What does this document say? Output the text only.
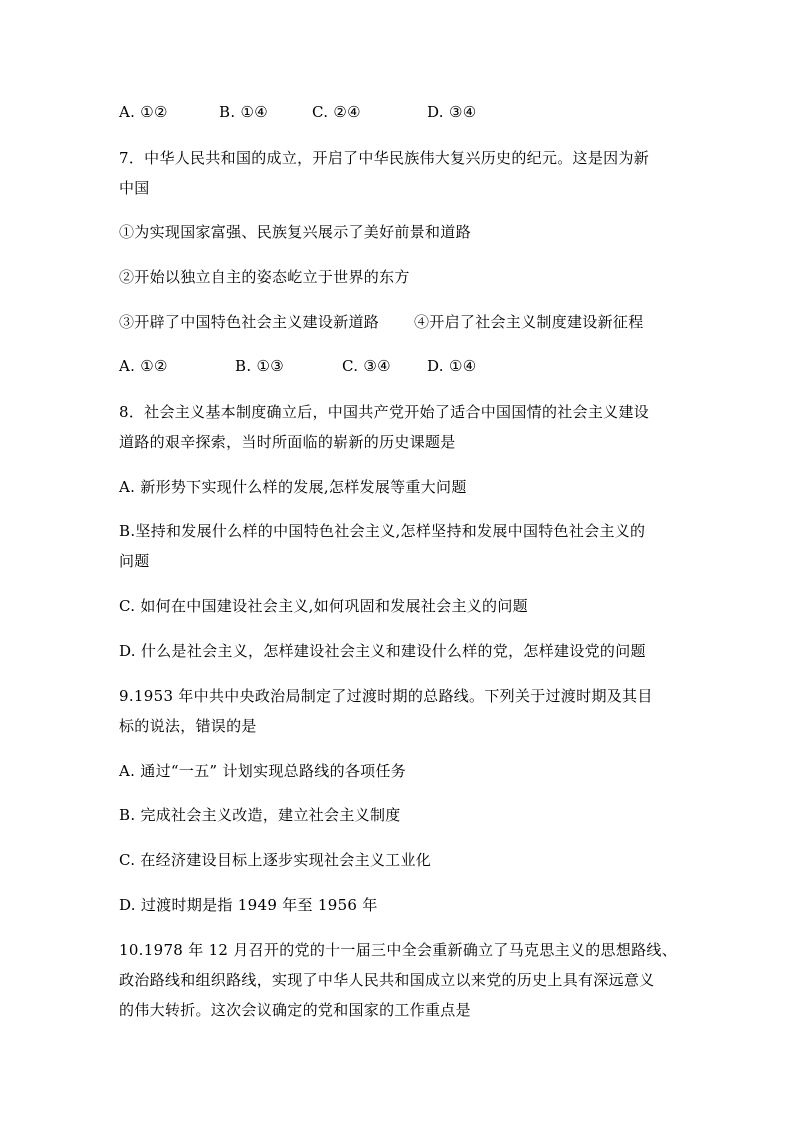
A. ①②	B. ①④	C. ②④	D. ③④
7．中华人民共和国的成立，开启了中华民族伟大复兴历史的纪元。这是因为新
中国
①为实现国家富强、民族复兴展示了美好前景和道路
②开始以独立自主的姿态屹立于世界的东方
③开辟了中国特色社会主义建设新道路 ④开启了社会主义制度建设新征程
A. ①②	B. ①③	C. ③④ D. ①④
8．社会主义基本制度确立后，中国共产党开始了适合中国国情的社会主义建设
道路的艰辛探索，当时所面临的崭新的历史课题是
A. 新形势下实现什么样的发展,怎样发展等重大问题
B.坚持和发展什么样的中国特色社会主义,怎样坚持和发展中国特色社会主义的
问题
C. 如何在中国建设社会主义,如何巩固和发展社会主义的问题
D. 什么是社会主义，怎样建设社会主义和建设什么样的党，怎样建设党的问题
9.1953 年中共中央政治局制定了过渡时期的总路线。下列关于过渡时期及其目
标的说法，错误的是
A. 通过“一五” 计划实现总路线的各项任务
B. 完成社会主义改造，建立社会主义制度
C. 在经济建设目标上逐步实现社会主义工业化
D. 过渡时期是指 1949 年至 1956 年
10.1978 年 12 月召开的党的十一届三中全会重新确立了马克思主义的思想路线、
政治路线和组织路线，实现了中华人民共和国成立以来党的历史上具有深远意义
的伟大转折。这次会议确定的党和国家的工作重点是
